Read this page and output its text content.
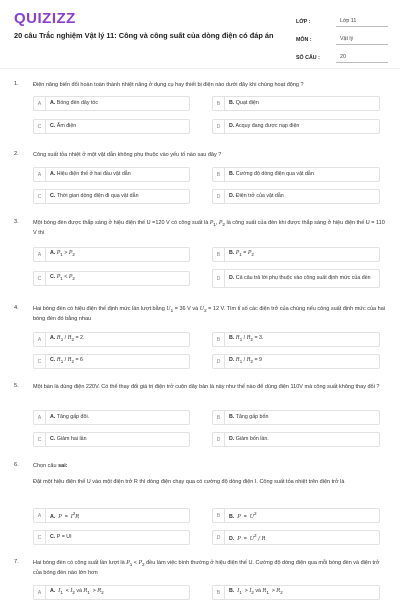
QUIZIZZ
20 câu Trắc nghiệm Vật lý 11: Công và công suất của dòng điện có đáp án
LỚP :	Lớp 11
MÔN :	Vật lý
SỐ CÂU :	20
1.	Điện năng biến đổi hoàn toàn thành nhiệt năng ở dụng cụ hay thiết bị điện nào dưới đây khi chúng hoạt động ?
A	A. Bóng đèn dây tóc	B	B. Quạt điện
C	C. Ấm điện	D	D. Acquy đang được nạp điện
2.	Công suất tỏa nhiệt ở một vật dẫn không phụ thuộc vào yếu tố nào sau đây ?
A	A. Hiệu điện thế ở hai đầu vật dẫn	B	B. Cường độ dòng điện qua vật dẫn
C	C. Thời gian dòng điện đi qua vật dẫn	D	D. Điện trở của vật dẫn
3.	Một bóng đèn được thắp sáng ở hiệu điện thế U =120 V có công suất là $P_1$, $P_2$ là công suất của đèn khi được thắp sáng ở hiệu điện thế U = 110 V thì
A	A. $P_1 > P_2$	B	B. $P_1 = P_2$
C	C. $P_1 < P_2$	D	D. Cả câu trả lời phụ thuộc vào công suất định mức của đèn
4.	Hai bóng đèn có hiệu điện thế định mức lần lượt bằng $U_1 = 36$ V và $U_2 = 12$ V. Tìm tỉ số các điện trở của chúng nếu công suất định mức của hai bóng đèn đó bằng nhau
A	A. $R_1 / R_2 = 2$.	B	B. $R_1 / R_2 = 3$.
C	C. $R_1 / R_2 = 6$	D	D. $R_1 / R_2 = 9$
5.	Một bàn là dùng điện 220V. Có thể thay đổi giá trị điện trở cuộn dây bàn là này như thế nào để dùng điện 110V mà công suất không thay đổi ?
A	A. Tăng gấp đôi.	B	B. Tăng gấp bốn
C	C. Giảm hai lần	D	D. Giảm bốn lần.
6.	Chọn câu sai:
Đặt một hiệu điện thế U vào một điện trở R thì dòng điện chạy qua có cường độ dòng điện I. Công suất tỏa nhiệt trên điện trở là
A	A. $P = I^2R$	B	B. $P = U^2$
C	C. P = UI	D	D. $P = U^2 / R$
7.	Hai bóng đèn có công suất lần lượt là $P_1 < P_2$ đều làm việc bình thường ở hiệu điện thế U. Cường độ dòng điện qua mỗi bóng đèn và điện trở của bóng đèn nào lớn hơn
A	A. $I_1 < I_2$ và $R_1 > R_2$	B	B. $I_1 > I_2$ và $R_1 > R_2$
